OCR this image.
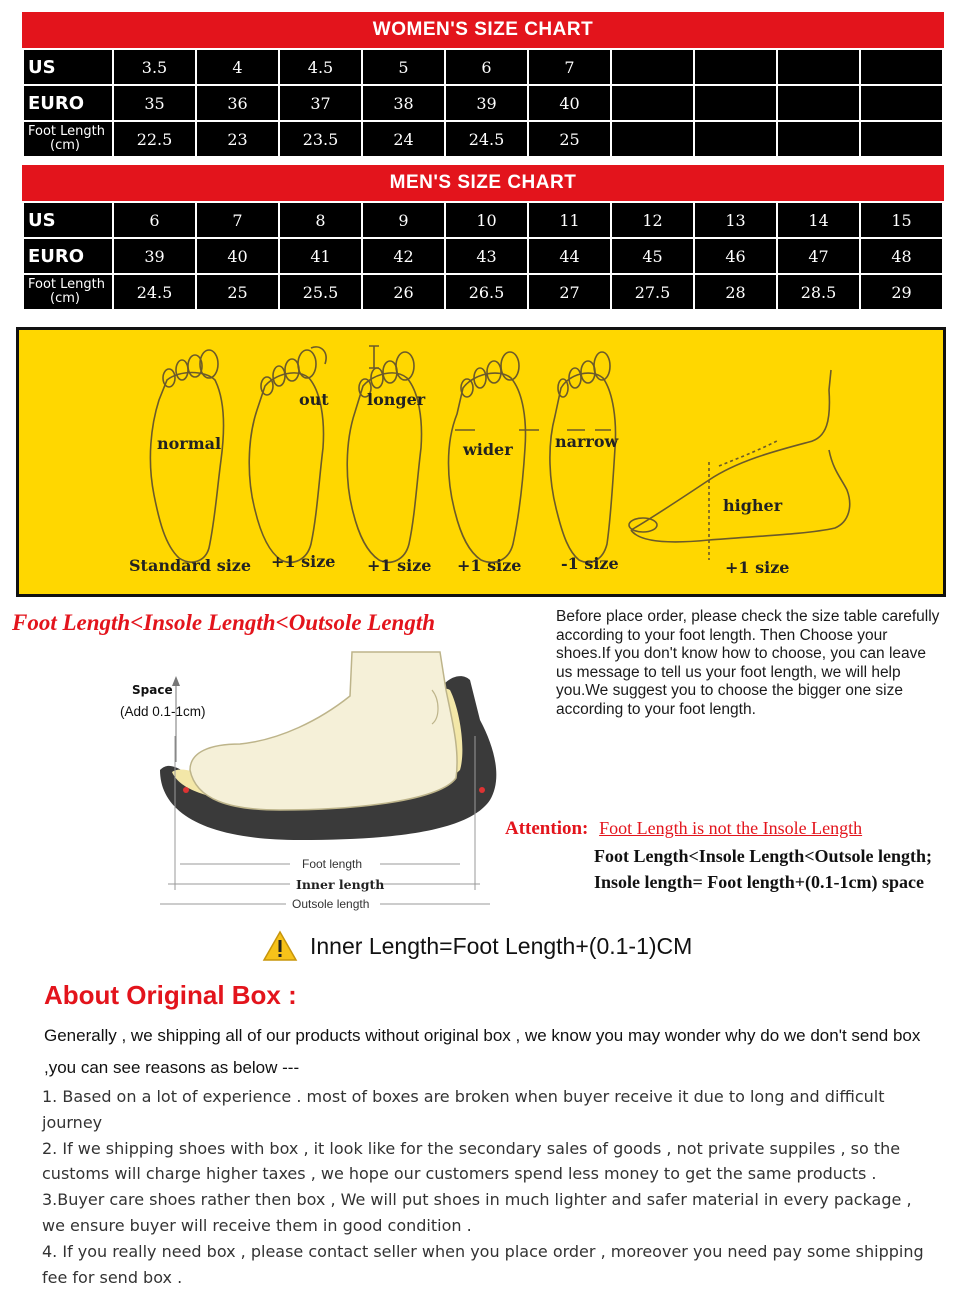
WOMEN'S SIZE CHART
US	3.5	4	4.5	5	6	7				
EURO	35	36	37	38	39	40				

Foot Length
(cm)	22.5	23	23.5	24	24.5	25				
MEN'S SIZE CHART
US	6	7	8	9	10	11	12	13	14	15
EURO	39	40	41	42	43	44	45	46	47	48

Foot Length
(cm)	24.5	25	25.5	26	26.5	27	27.5	28	28.5	29
normal
out longer
wider	narrow
higher
Standard size +1 size +1 size +1 size -1 size	+1 size
Foot Length<Insole Length<Outsole Length	Before place order, please check the size table carefully according to your foot length. Then Choose your shoes.If you don't know how to choose, you can leave us message to tell us your foot length, we will help you.We suggest you to choose the bigger one size according to your foot length.
Space
(Add 0.1-1cm)
Foot length
Inner length
Outsole length
Attention: Foot Length is not the Insole Length
Foot Length<Insole Length<Outsole length;
Insole length= Foot length+(0.1-1cm) space
Inner Length=Foot Length+(0.1-1)CM
About Original Box :
Generally , we shipping all of our products without original box , we know you may wonder why do we don't send box ,you can see reasons as below ---

1. Based on a lot of experience . most of boxes are broken when buyer receive it due to long and difficult journey

2. If we shipping shoes with box , it look like for the secondary sales of goods , not private suppiles , so the customs will charge higher taxes , we hope our customers spend less money to get the same products .

3.Buyer care shoes rather then box , We will put shoes in much lighter and safer material in every package , we ensure buyer will receive them in good condition .

4. If you really need box , please contact seller when you place order , moreover you need pay some shipping fee for send box .
